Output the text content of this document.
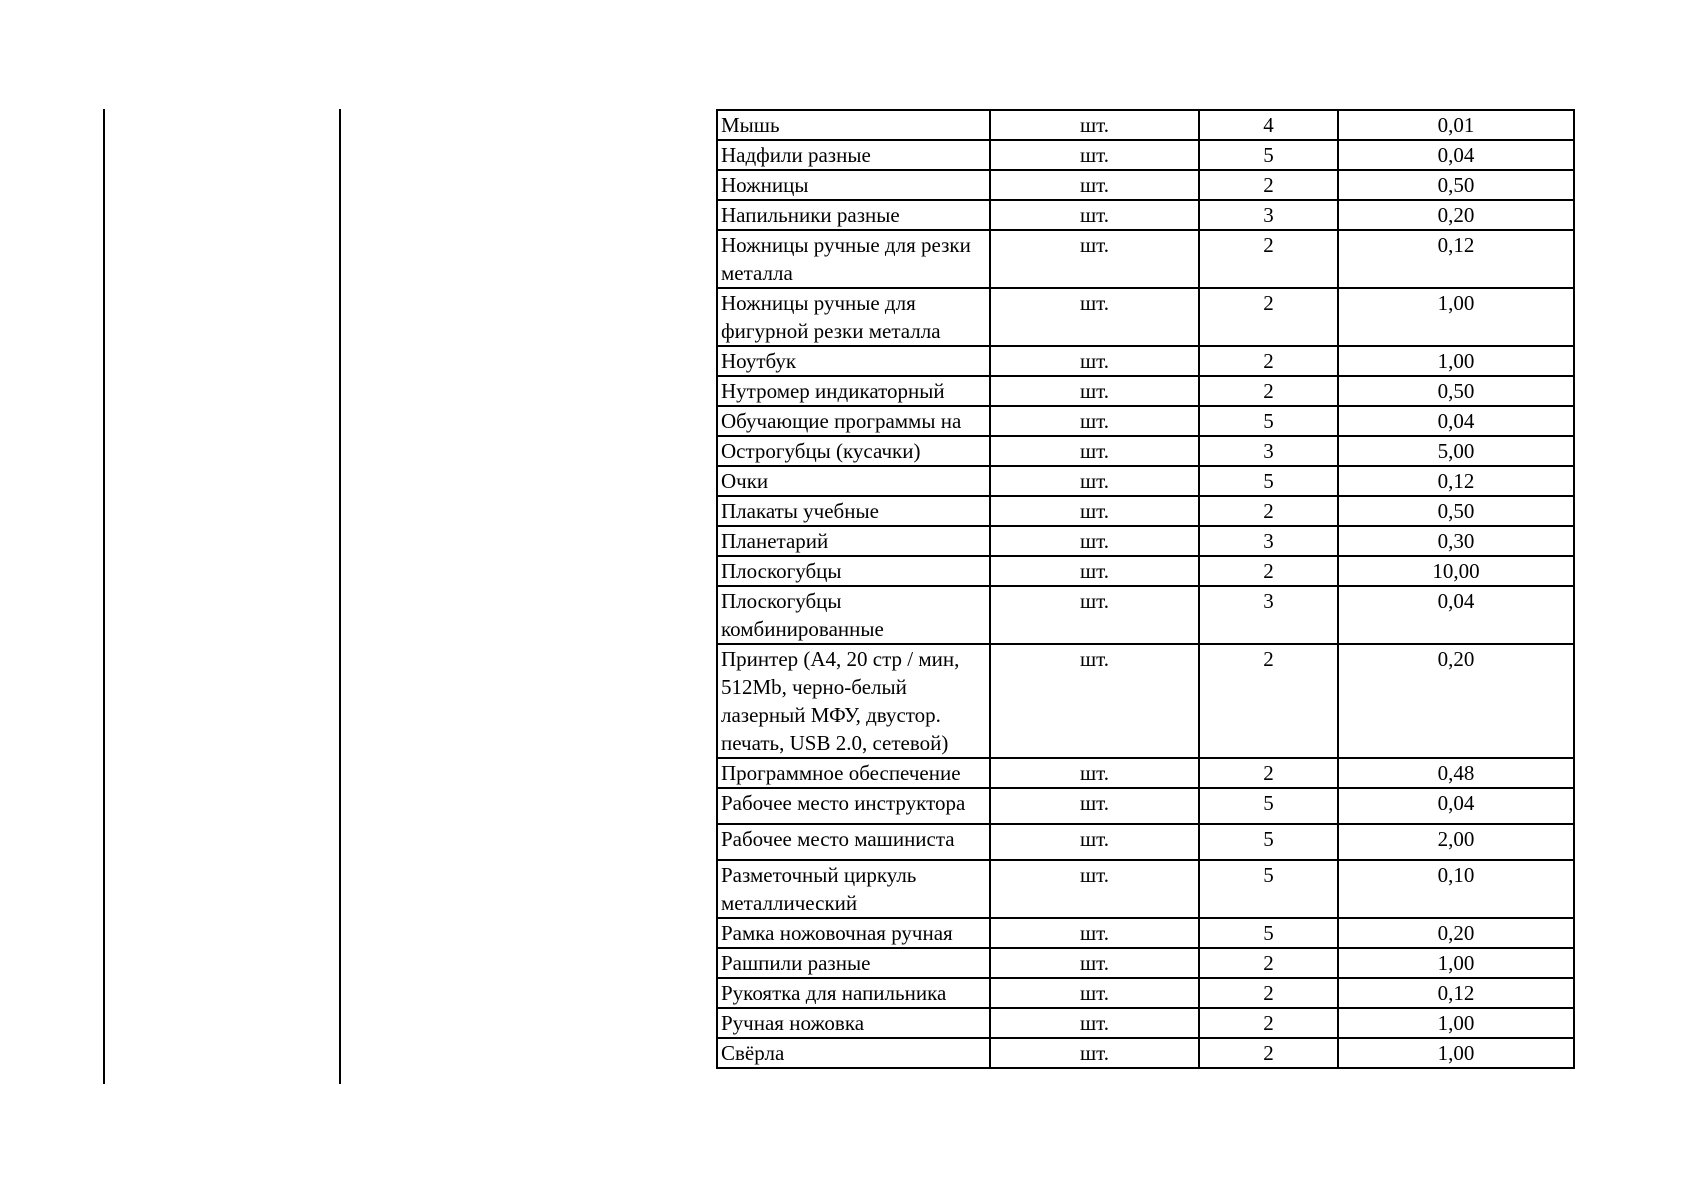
Мышь	шт.	4	0,01
Надфили разные	шт.	5	0,04
Ножницы	шт.	2	0,50
Напильники разные	шт.	3	0,20
Ножницы ручные для резки металла	шт.	2	0,12
Ножницы ручные для фигурной резки металла	шт.	2	1,00
Ноутбук	шт.	2	1,00
Нутромер индикаторный	шт.	2	0,50
Обучающие программы на	шт.	5	0,04
Острогубцы (кусачки)	шт.	3	5,00
Очки	шт.	5	0,12
Плакаты учебные	шт.	2	0,50
Планетарий	шт.	3	0,30
Плоскогубцы	шт.	2	10,00
Плоскогубцы комбинированные	шт.	3	0,04
Принтер (А4, 20 стр / мин, 512Mb, черно-белый лазерный МФУ, двустор. печать, USB 2.0, сетевой)	шт.	2	0,20
Программное обеспечение	шт.	2	0,48
Рабочее место инструктора	шт.	5	0,04
Рабочее место машиниста	шт.	5	2,00
Разметочный циркуль металлический	шт.	5	0,10
Рамка ножовочная ручная	шт.	5	0,20
Рашпили разные	шт.	2	1,00
Рукоятка для напильника	шт.	2	0,12
Ручная ножовка	шт.	2	1,00
Свёрла	шт.	2	1,00
